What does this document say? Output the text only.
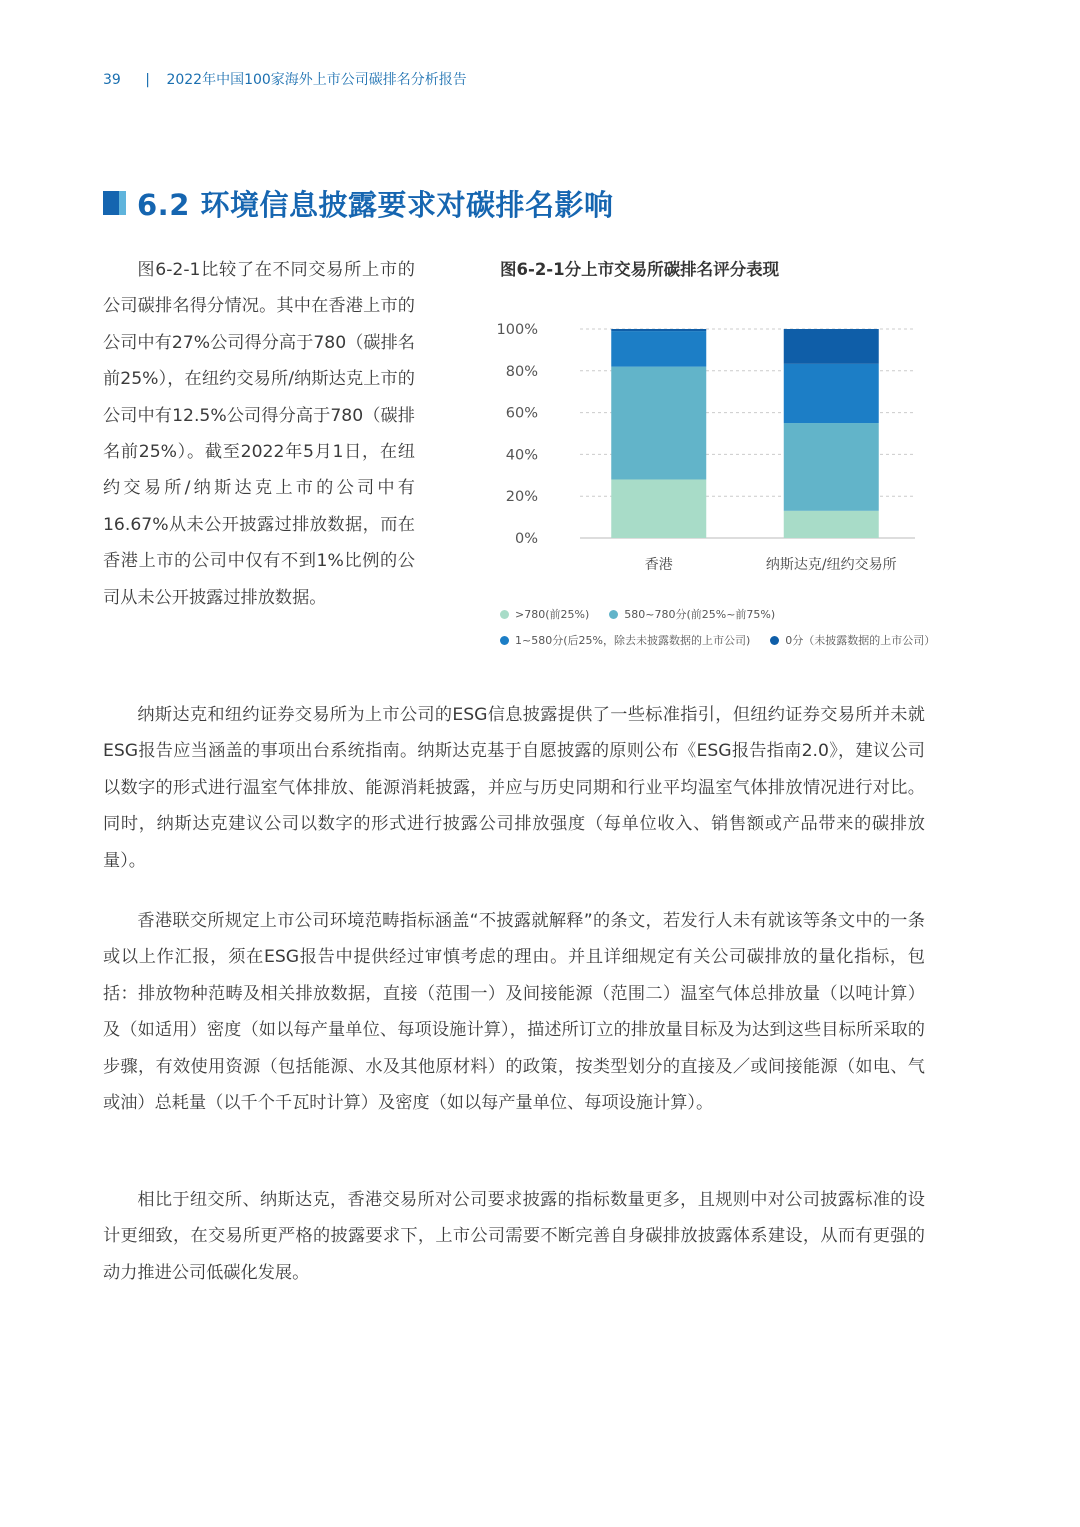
39 | 2022年中国100家海外上市公司碳排名分析报告
6.2 环境信息披露要求对碳排名影响
图6-2-1比较了在不同交易所上市的公司碳排名得分情况。其中在香港上市的公司中有27%公司得分高于780（碳排名前25%），在纽约交易所/纳斯达克上市的公司中有12.5%公司得分高于780（碳排名前25%）。截至2022年5月1日，在纽约交易所/纳斯达克上市的公司中有16.67%从未公开披露过排放数据，而在香港上市的公司中仅有不到1%比例的公司从未公开披露过排放数据。
图6-2-1分上市交易所碳排名评分表现
0%
20%
40%
60%
80%
100%
香港	纳斯达克/纽约交易所
>780(前25%)	580~780分(前25%~前75%)
1~580分(后25%，除去未披露数据的上市公司)	0分（未披露数据的上市公司）
纳斯达克和纽约证券交易所为上市公司的ESG信息披露提供了一些标准指引，但纽约证券交易所并未就ESG报告应当涵盖的事项出台系统指南。纳斯达克基于自愿披露的原则公布《ESG报告指南2.0》，建议公司以数字的形式进行温室气体排放、能源消耗披露，并应与历史同期和行业平均温室气体排放情况进行对比。同时，纳斯达克建议公司以数字的形式进行披露公司排放强度（每单位收入、销售额或产品带来的碳排放量）。
香港联交所规定上市公司环境范畴指标涵盖“不披露就解释”的条文，若发行人未有就该等条文中的一条或以上作汇报，须在ESG报告中提供经过审慎考虑的理由。并且详细规定有关公司碳排放的量化指标，包括：排放物种范畴及相关排放数据，直接（范围一）及间接能源（范围二）温室气体总排放量（以吨计算）及（如适用）密度（如以每产量单位、每项设施计算），描述所订立的排放量目标及为达到这些目标所采取的步骤，有效使用资源（包括能源、水及其他原材料）的政策，按类型划分的直接及／或间接能源（如电、气或油）总耗量（以千个千瓦时计算）及密度（如以每产量单位、每项设施计算）。
相比于纽交所、纳斯达克，香港交易所对公司要求披露的指标数量更多，且规则中对公司披露标准的设计更细致，在交易所更严格的披露要求下，上市公司需要不断完善自身碳排放披露体系建设，从而有更强的动力推进公司低碳化发展。
